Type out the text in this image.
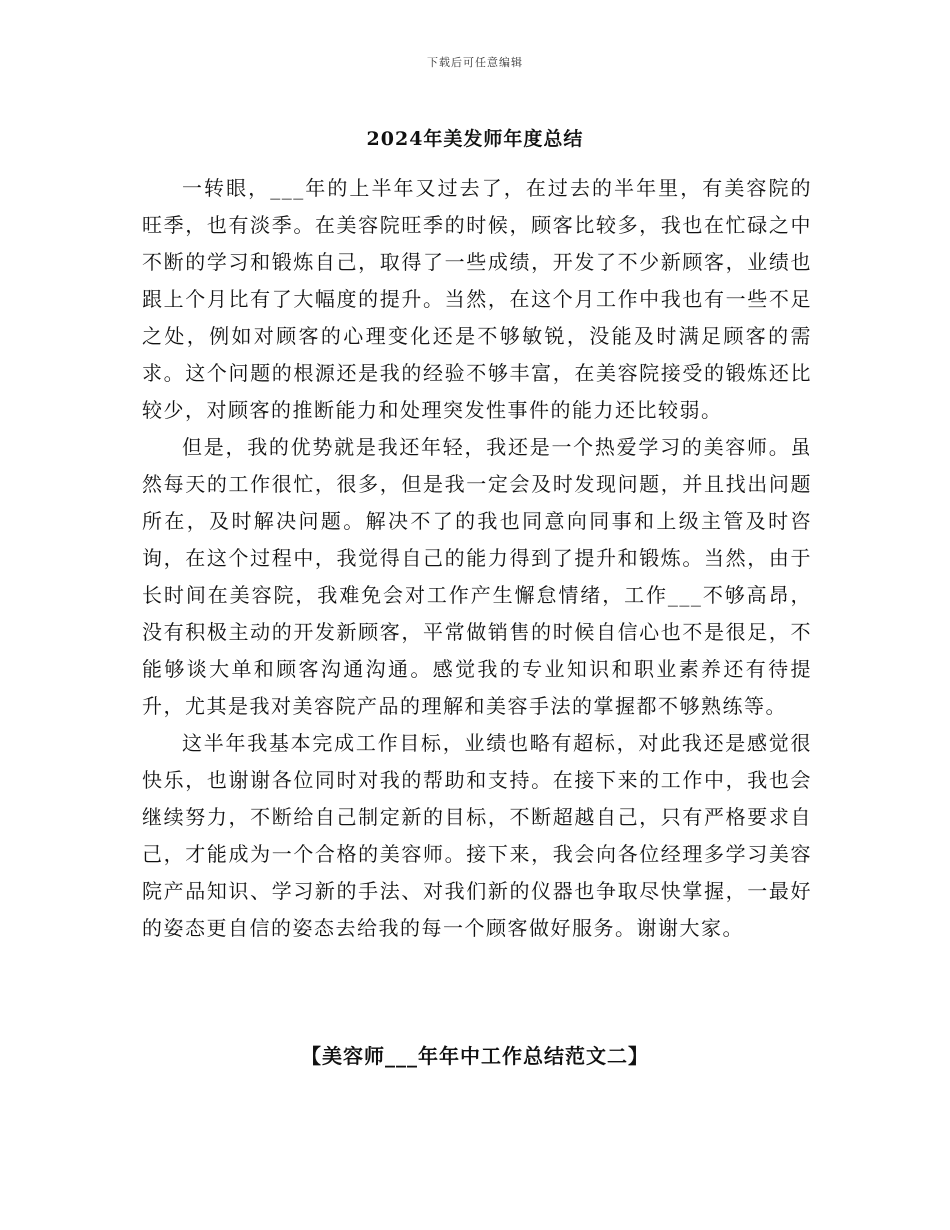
下载后可任意编辑
2024年美发师年度总结

一转眼，___年的上半年又过去了，在过去的半年里，有美容院的旺季，也有淡季。在美容院旺季的时候，顾客比较多，我也在忙碌之中不断的学习和锻炼自己，取得了一些成绩，开发了不少新顾客，业绩也跟上个月比有了大幅度的提升。当然，在这个月工作中我也有一些不足之处，例如对顾客的心理变化还是不够敏锐，没能及时满足顾客的需求。这个问题的根源还是我的经验不够丰富，在美容院接受的锻炼还比较少，对顾客的推断能力和处理突发性事件的能力还比较弱。

但是，我的优势就是我还年轻，我还是一个热爱学习的美容师。虽然每天的工作很忙，很多，但是我一定会及时发现问题，并且找出问题所在，及时解决问题。解决不了的我也同意向同事和上级主管及时咨询，在这个过程中，我觉得自己的能力得到了提升和锻炼。当然，由于长时间在美容院，我难免会对工作产生懈怠情绪，工作___不够高昂，没有积极主动的开发新顾客，平常做销售的时候自信心也不是很足，不能够谈大单和顾客沟通沟通。感觉我的专业知识和职业素养还有待提升，尤其是我对美容院产品的理解和美容手法的掌握都不够熟练等。

这半年我基本完成工作目标，业绩也略有超标，对此我还是感觉很快乐，也谢谢各位同时对我的帮助和支持。在接下来的工作中，我也会继续努力，不断给自己制定新的目标，不断超越自己，只有严格要求自己，才能成为一个合格的美容师。接下来，我会向各位经理多学习美容院产品知识、学习新的手法、对我们新的仪器也争取尽快掌握，一最好的姿态更自信的姿态去给我的每一个顾客做好服务。谢谢大家。

【美容师___年年中工作总结范文二】
